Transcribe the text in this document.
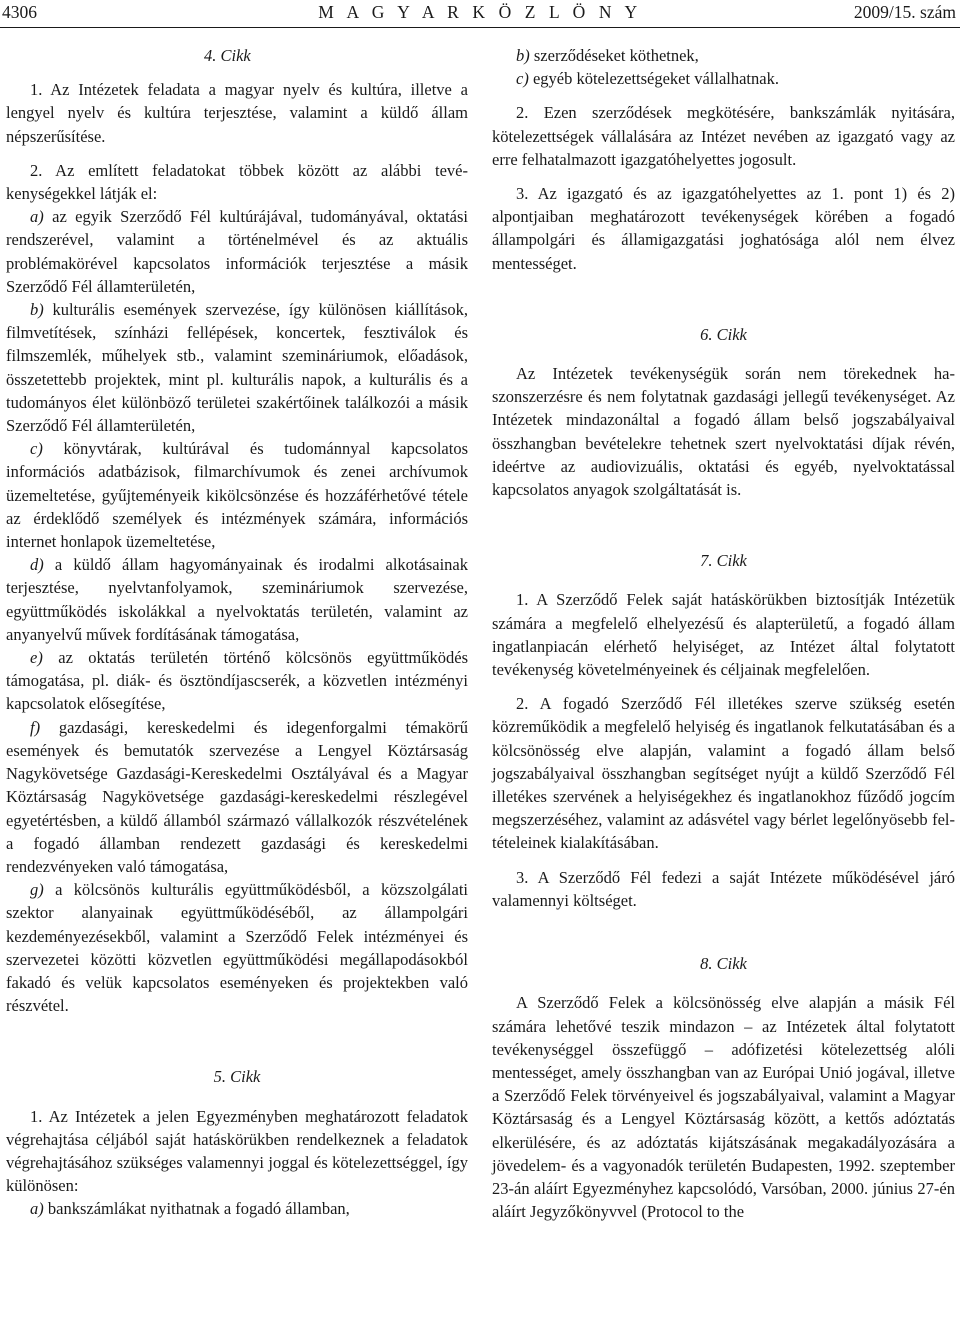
4306	M A G Y A R K Ö Z L Ö N Y	2009/15. szám
4. Cikk

1. Az Intézetek feladata a magyar nyelv és kultúra, illetve a lengyel nyelv és kultúra terjesztése, valamint a küldő állam népszerűsítése.

2. Az említett feladatokat többek között az alábbi tevékenységekkel látják el:

a) az egyik Szerződő Fél kultúrájával, tudományával, oktatási rendszerével, valamint a történelmével és az aktuális problémakörével kapcsolatos információk terjesztése a másik Szerződő Fél államterületén,

b) kulturális események szervezése, így különösen kiállítások, filmvetítések, színházi fellépések, koncertek, fesztiválok és filmszemlék, műhelyek stb., valamint szemináriumok, előadások, összetettebb projektek, mint pl. kulturális napok, a kulturális és a tudományos élet különböző területei szakértőinek találkozói a másik Szerződő Fél államterületén,

c) könyvtárak, kultúrával és tudománnyal kapcsolatos információs adatbázisok, filmarchívumok és zenei archívumok üzemeltetése, gyűjteményeik kikölcsönzése és hozzáférhetővé tétele az érdeklődő személyek és intézmények számára, információs internet honlapok üzemeltetése,

d) a küldő állam hagyományainak és irodalmi alkotásainak terjesztése, nyelvtanfolyamok, szemináriumok szervezése, együttműködés iskolákkal a nyelvoktatás területén, valamint az anyanyelvű művek fordításának támogatása,

e) az oktatás területén történő kölcsönös együttműködés támogatása, pl. diák- és ösztöndíjascserék, a közvetlen intézményi kapcsolatok elősegítése,

f) gazdasági, kereskedelmi és idegenforgalmi témakörű események és bemutatók szervezése a Lengyel Köztársaság Nagykövetsége Gazdasági-Kereskedelmi Osztályával és a Magyar Köztársaság Nagykövetsége gazdasági-kereskedelmi részlegével egyetértésben, a küldő államból származó vállalkozók részvételének a fogadó államban rendezett gazdasági és kereskedelmi rendezvényeken való támogatása,

g) a kölcsönös kulturális együttműködésből, a közszolgálati szektor alanyainak együttműködéséből, az állampolgári kezdeményezésekből, valamint a Szerződő Felek intézményei és szervezetei közötti közvetlen együttműködési megállapodásokból fakadó és velük kapcsolatos eseményeken és projektekben való részvétel.

5. Cikk

1. Az Intézetek a jelen Egyezményben meghatározott feladatok végrehajtása céljából saját hatáskörükben rendelkeznek a feladatok végrehajtásához szükséges valamennyi joggal és kötelezettséggel, így különösen:

a) bankszámlákat nyithatnak a fogadó államban,

b) szerződéseket köthetnek,

c) egyéb kötelezettségeket vállalhatnak.

2. Ezen szerződések megkötésére, bankszámlák nyitására, kötelezettségek vállalására az Intézet nevében az igazgató vagy az erre felhatalmazott igazgatóhelyettes jogosult.

3. Az igazgató és az igazgatóhelyettes az 1. pont 1) és 2) alpontjaiban meghatározott tevékenységek körében a fogadó állampolgári és államigazgatási joghatósága alól nem élvez mentességet.

6. Cikk

Az Intézetek tevékenységük során nem törekednek haszonszerzésre és nem folytatnak gazdasági jellegű tevékenységet. Az Intézetek mindazonáltal a fogadó állam belső jogszabályaival összhangban bevételekre tehetnek szert nyelvoktatási díjak révén, ideértve az audiovizuális, oktatási és egyéb, nyelvoktatással kapcsolatos anyagok szolgáltatását is.

7. Cikk

1. A Szerződő Felek saját hatáskörükben biztosítják Intézetük számára a megfelelő elhelyezésű és alapterületű, a fogadó állam ingatlanpiacán elérhető helyiséget, az Intézet által folytatott tevékenység követelményeinek és céljainak megfelelően.

2. A fogadó Szerződő Fél illetékes szerve szükség esetén közreműködik a megfelelő helyiség és ingatlanok felkutatásában és a kölcsönösség elve alapján, valamint a fogadó állam belső jogszabályaival összhangban segítséget nyújt a küldő Szerződő Fél illetékes szervének a helyiségekhez és ingatlanokhoz fűződő jogcím megszerzéséhez, valamint az adásvétel vagy bérlet legelőnyösebb feltételeinek kialakításában.

3. A Szerződő Fél fedezi a saját Intézete működésével járó valamennyi költséget.

8. Cikk

A Szerződő Felek a kölcsönösség elve alapján a másik Fél számára lehetővé teszik mindazon – az Intézetek által folytatott tevékenységgel összefüggő – adófizetési kötelezettség alóli mentességet, amely összhangban van az Európai Unió jogával, illetve a Szerződő Felek törvényeivel és jogszabályaival, valamint a Magyar Köztársaság és a Lengyel Köztársaság között, a kettős adóztatás elkerülésére, és az adóztatás kijátszásának megakadályozására a jövedelem- és a vagyonadók területén Budapesten, 1992. szeptember 23-án aláírt Egyezményhez kapcsolódó, Varsóban, 2000. június 27-én aláírt Jegyzőkönyvvel (Protocol to the
